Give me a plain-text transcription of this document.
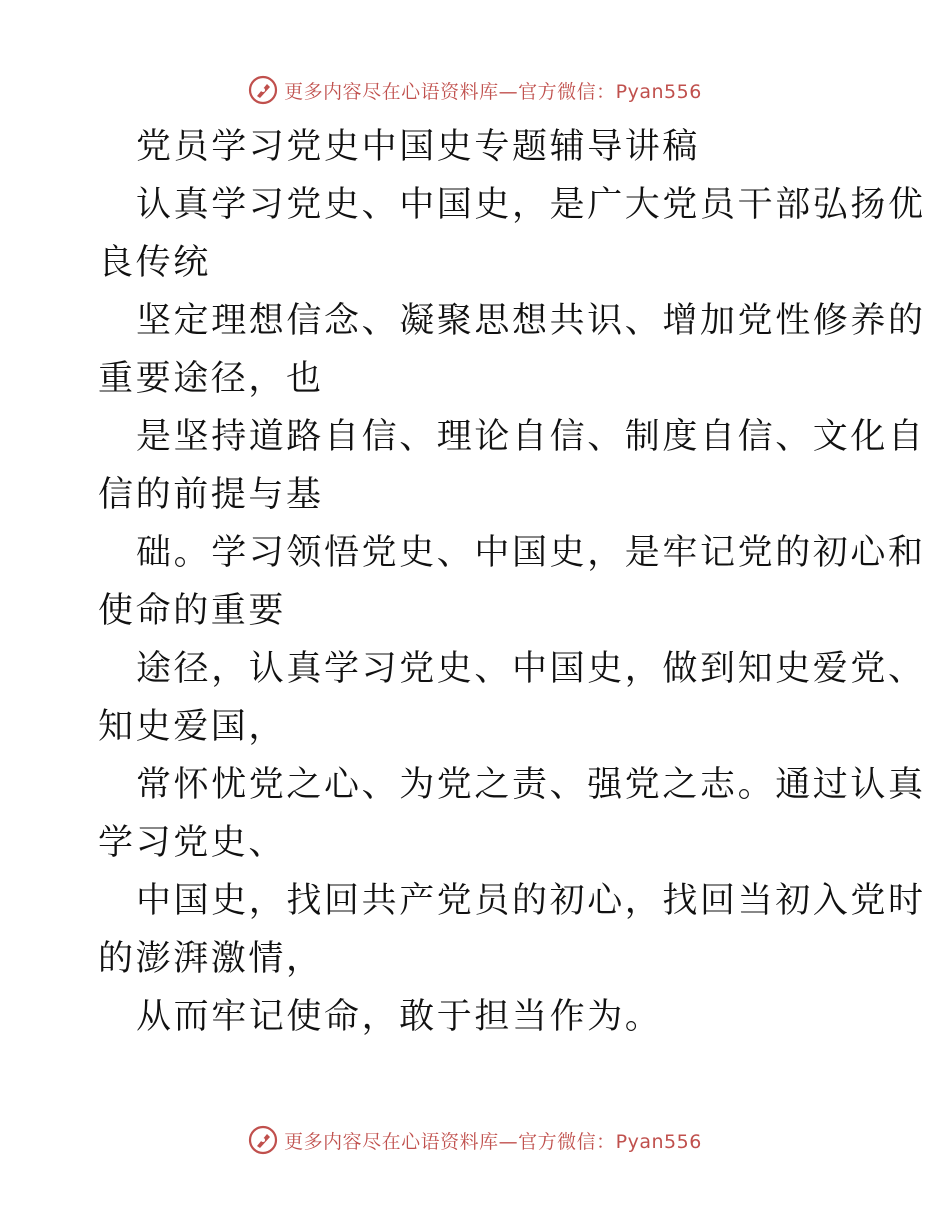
更多内容尽在心语资料库—官方微信：Pyan556
党员学习党史中国史专题辅导讲稿
认真学习党史、中国史，是广大党员干部弘扬优
良传统
坚定理想信念、凝聚思想共识、增加党性修养的
重要途径，也
是坚持道路自信、理论自信、制度自信、文化自
信的前提与基
础。学习领悟党史、中国史，是牢记党的初心和
使命的重要
途径，认真学习党史、中国史，做到知史爱党、
知史爱国，
常怀忧党之心、为党之责、强党之志。通过认真
学习党史、
中国史，找回共产党员的初心，找回当初入党时
的澎湃激情，
从而牢记使命，敢于担当作为。
更多内容尽在心语资料库—官方微信：Pyan556
